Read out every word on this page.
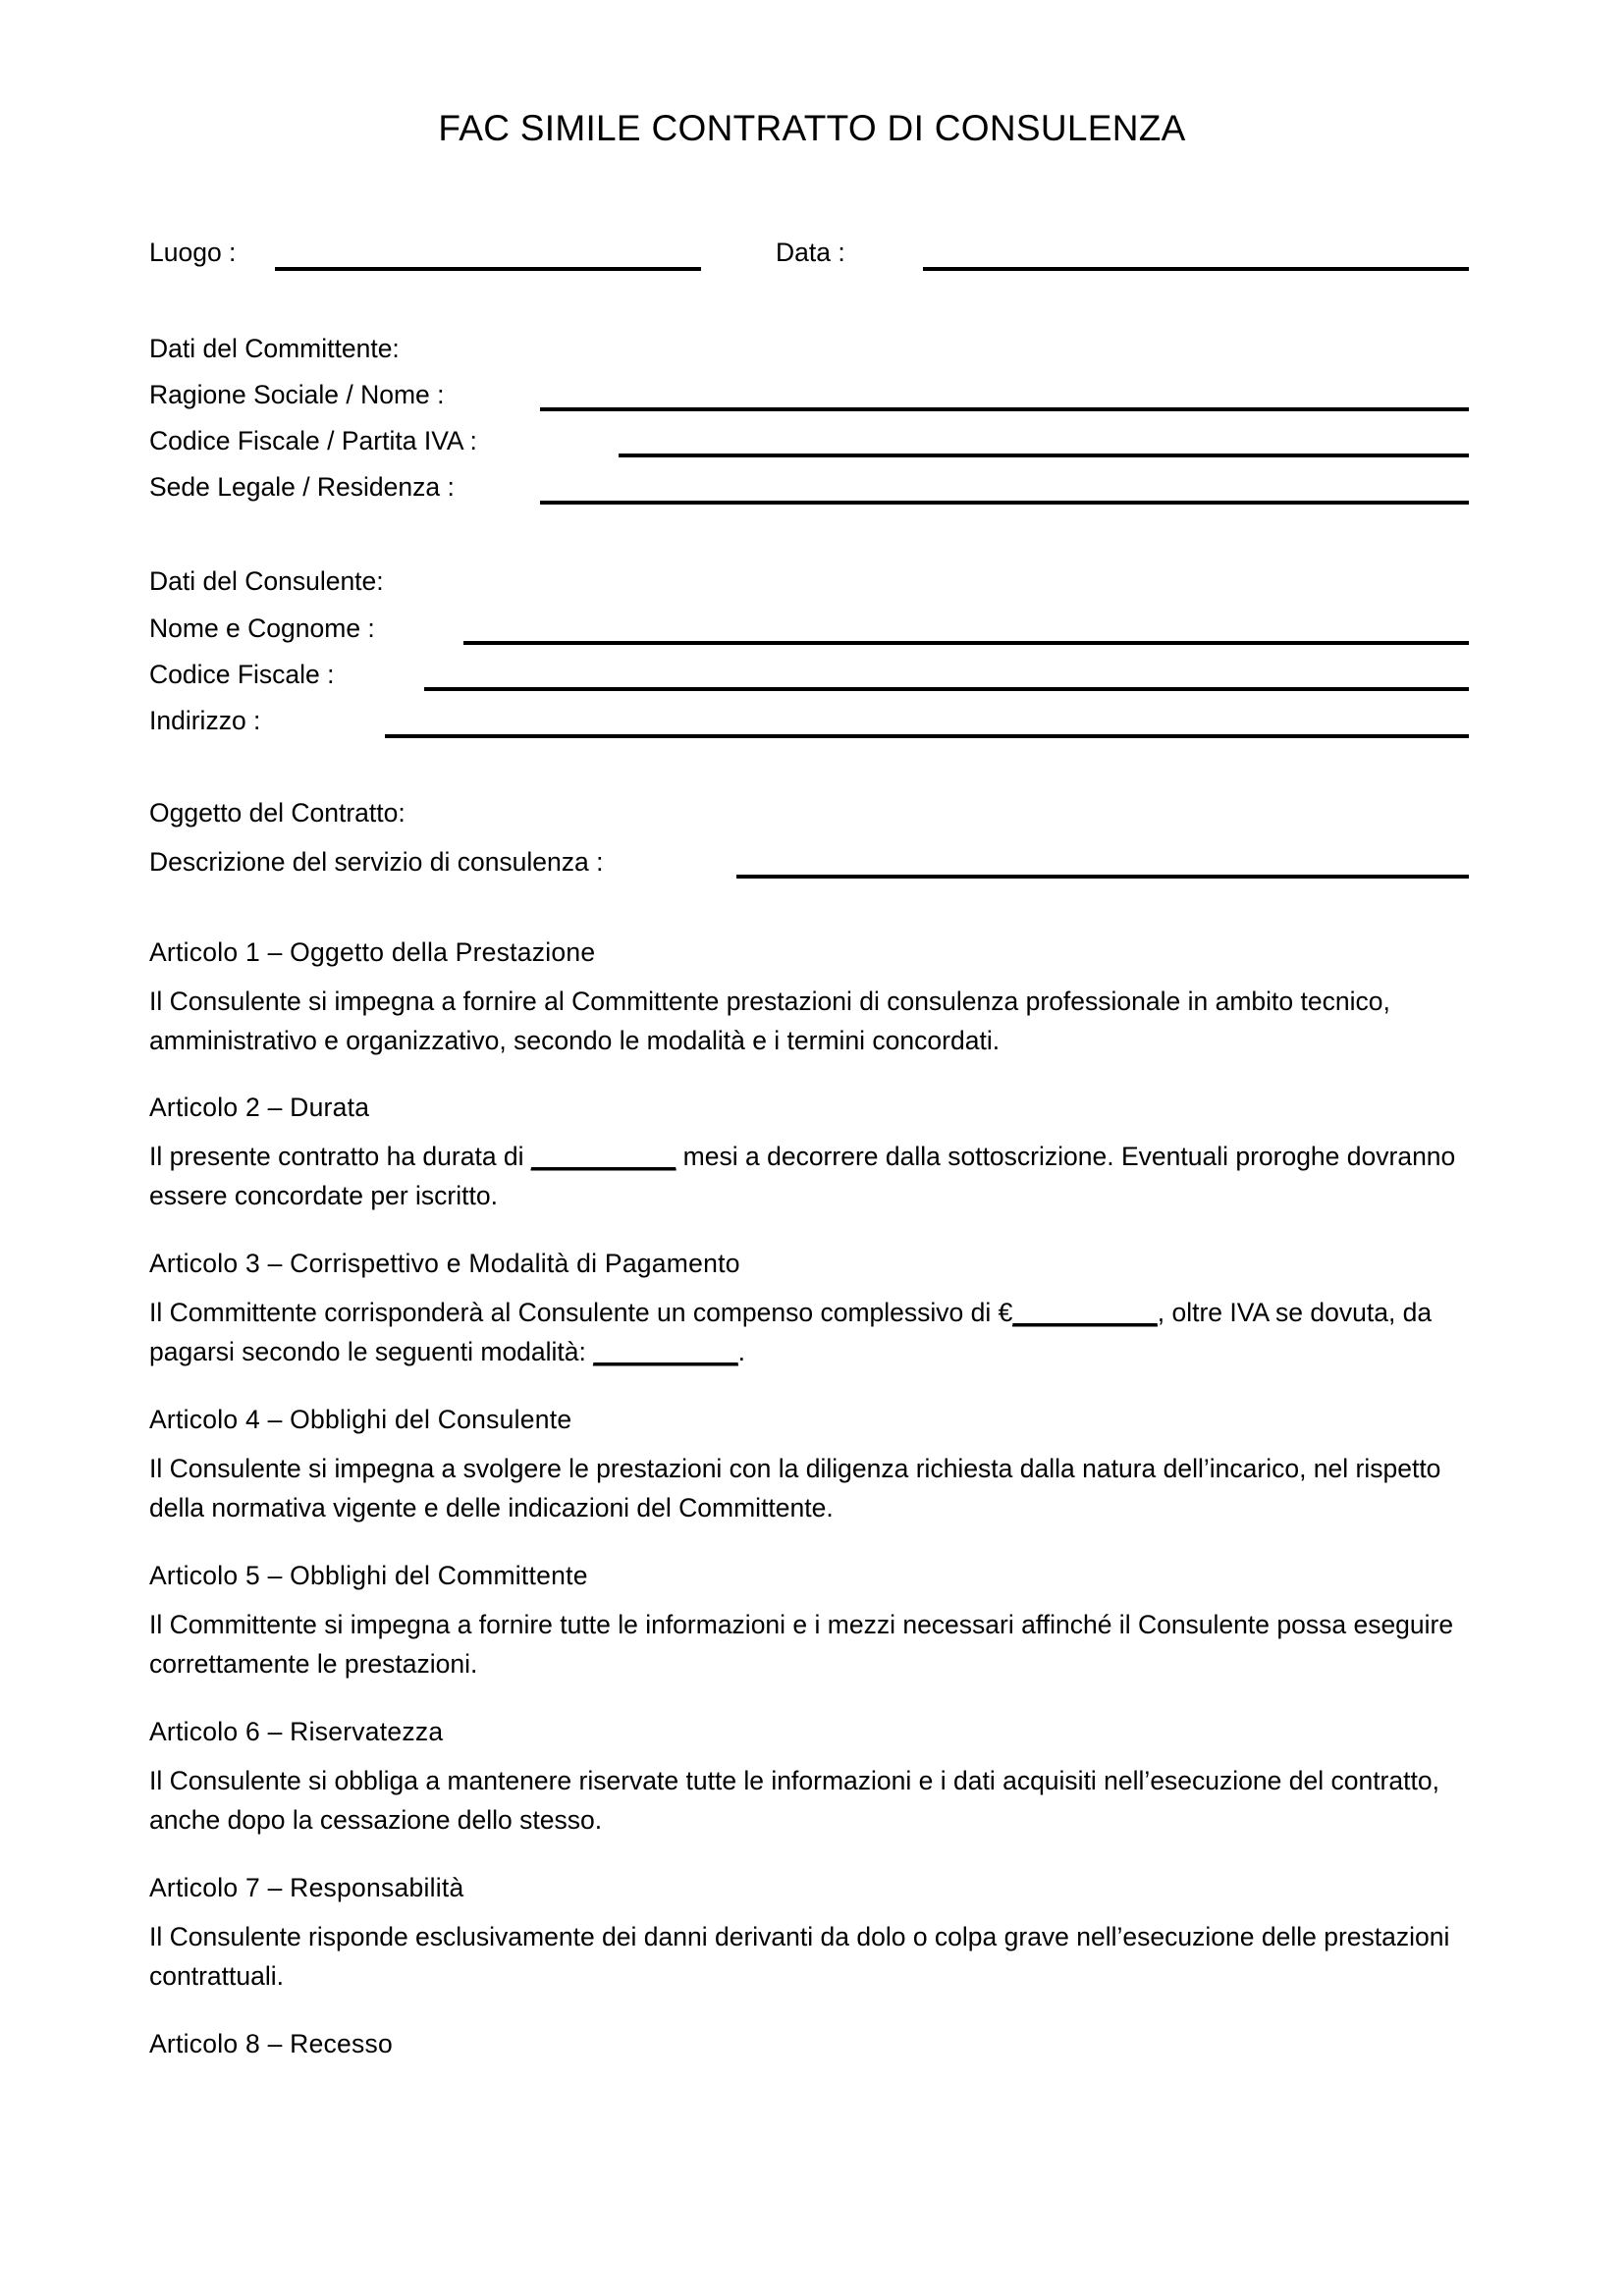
FAC SIMILE CONTRATTO DI CONSULENZA
Luogo :	Data :
Dati del Committente:
Ragione Sociale / Nome :
Codice Fiscale / Partita IVA :
Sede Legale / Residenza :
Dati del Consulente:
Nome e Cognome :
Codice Fiscale :
Indirizzo :
Oggetto del Contratto:
Descrizione del servizio di consulenza :
Articolo 1 – Oggetto della Prestazione
Il Consulente si impegna a fornire al Committente prestazioni di consulenza professionale in ambito tecnico, amministrativo e organizzativo, secondo le modalità e i termini concordati.
Articolo 2 – Durata
Il presente contratto ha durata di __________ mesi a decorrere dalla sottoscrizione. Eventuali proroghe dovranno essere concordate per iscritto.
Articolo 3 – Corrispettivo e Modalità di Pagamento
Il Committente corrisponderà al Consulente un compenso complessivo di €__________, oltre IVA se dovuta, da pagarsi secondo le seguenti modalità: __________.
Articolo 4 – Obblighi del Consulente
Il Consulente si impegna a svolgere le prestazioni con la diligenza richiesta dalla natura dell’incarico, nel rispetto della normativa vigente e delle indicazioni del Committente.
Articolo 5 – Obblighi del Committente
Il Committente si impegna a fornire tutte le informazioni e i mezzi necessari affinché il Consulente possa eseguire correttamente le prestazioni.
Articolo 6 – Riservatezza
Il Consulente si obbliga a mantenere riservate tutte le informazioni e i dati acquisiti nell’esecuzione del contratto, anche dopo la cessazione dello stesso.
Articolo 7 – Responsabilità
Il Consulente risponde esclusivamente dei danni derivanti da dolo o colpa grave nell’esecuzione delle prestazioni contrattuali.
Articolo 8 – Recesso
